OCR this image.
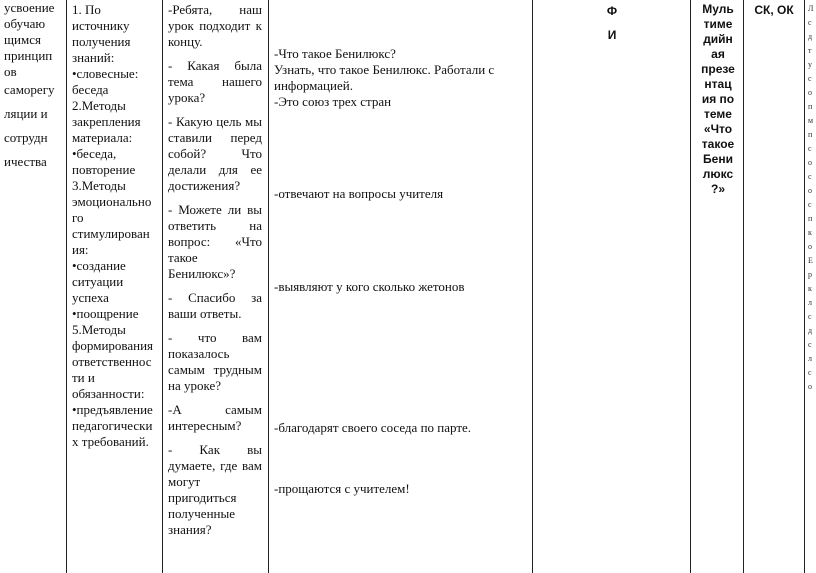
усвоение
обучаю
щимся
принцип
ов
саморегу
ляции и
сотрудн
ичества
1. По
источнику
получения
знаний:
•словесные:
беседа
2.Методы
закрепления
материала:
•беседа,
повторение
3.Методы
эмоционально
го
стимулирован
ия:
•создание
ситуации
успеха
•поощрение
5.Методы
формирования
ответственнос
ти и
обязанности:
•предъявление
педагогически
х требований.
-Ребята, наш урок подходит к концу.
- Какая была тема нашего урока?
- Какую цель мы ставили перед собой? Что делали для ее достижения?
- Можете ли вы ответить на вопрос: «Что такое Бенилюкс»?
- Спасибо за ваши ответы.
- что вам показалось самым трудным на уроке?
-А самым интересным?
- Как вы думаете, где вам могут пригодиться полученные знания?
-Что такое Бенилюкс?
Узнать, что такое Бенилюкс. Работали с информацией.
-Это союз трех стран
-отвечают на вопросы учителя
-выявляют у кого сколько жетонов
-благодарят своего соседа по парте.
-прощаются с учителем!
Ф
И
Муль
тиме
дийн
ая
презе
нтац
ия по
теме
«Что
такое
Бени
люкс
?»
СК, ОК	Л
с
д
т
у
с
о
п
м
п
с
о
с
о
с
п
к
о
Е
р
к
л
с
д
с
л
с
о
